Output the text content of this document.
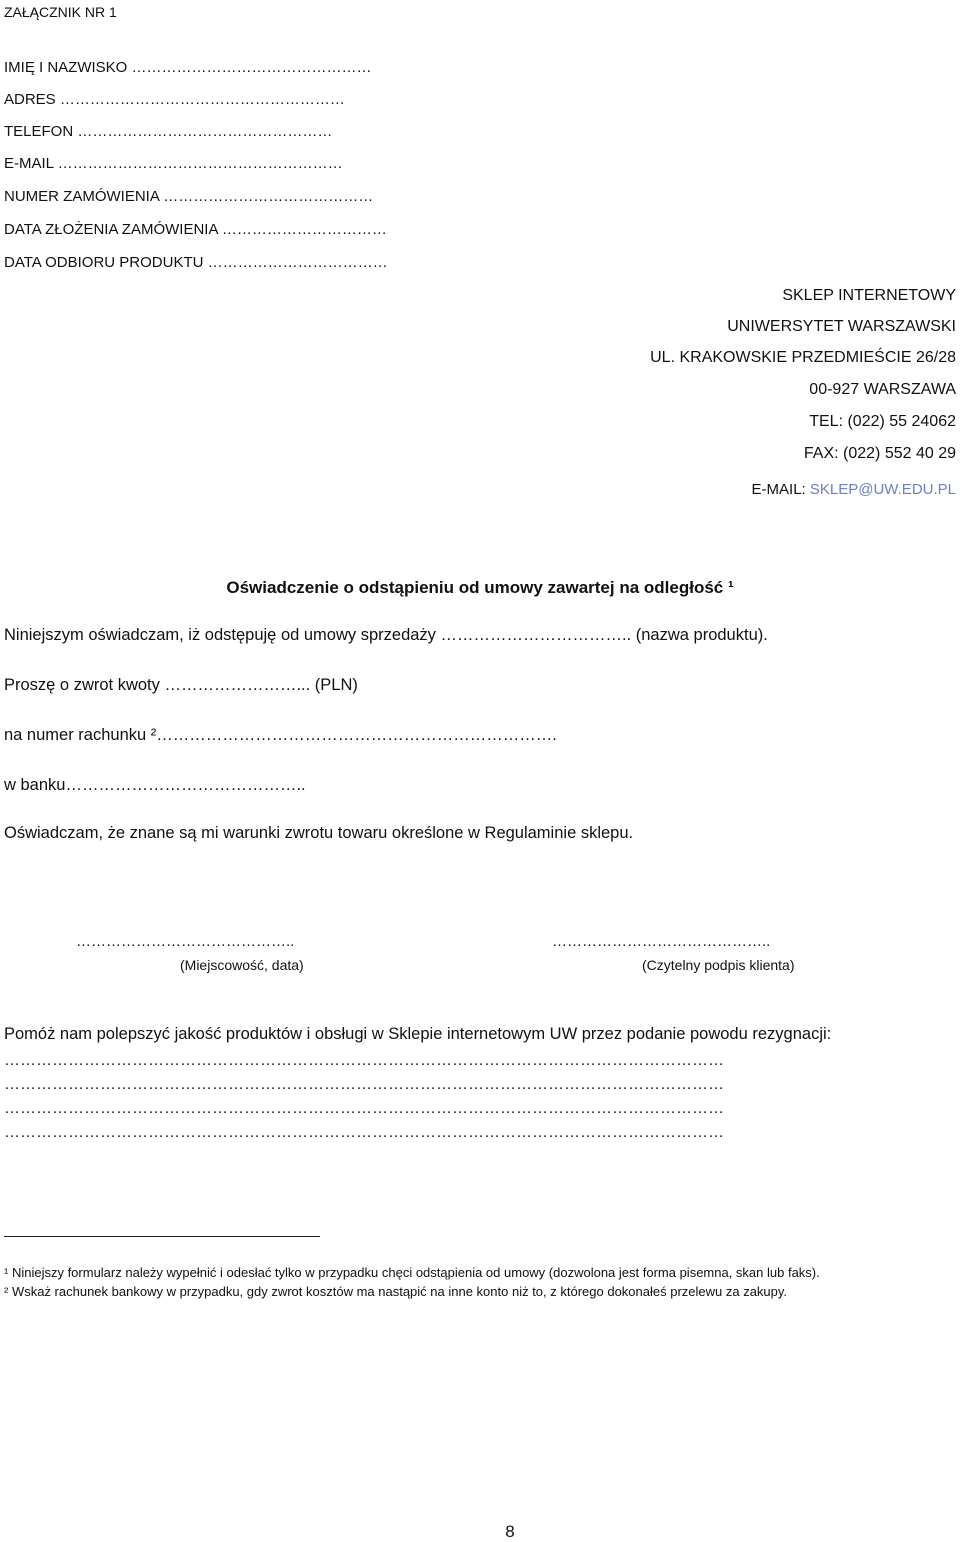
ZAŁĄCZNIK NR 1
IMIĘ I NAZWISKO …………………………………………
ADRES …………………………………………………
TELEFON ……………………………………………
E-MAIL …………………………………………………
NUMER ZAMÓWIENIA ……………………………………
DATA ZŁOŻENIA ZAMÓWIENIA ……………………………
DATA ODBIORU PRODUKTU ………………………………
SKLEP INTERNETOWY
UNIWERSYTET WARSZAWSKI
UL. KRAKOWSKIE PRZEDMIEŚCIE 26/28
00-927 WARSZAWA
TEL: (022) 55 24062
FAX: (022) 552 40 29
E-MAIL: SKLEP@UW.EDU.PL
Oświadczenie o odstąpieniu od umowy zawartej na odległość ¹
Niniejszym oświadczam, iż odstępuję od umowy sprzedaży …………………………….. (nazwa produktu).
Proszę o zwrot kwoty ……………………... (PLN)
na numer rachunku ²……………………………………………………………….
w banku……………………………………..
Oświadczam, że znane są mi warunki zwrotu towaru określone w Regulaminie sklepu.
……………………………………..
(Miejscowość, data)
……………………………………..
(Czytelny podpis klienta)
Pomóż nam polepszyć jakość produktów i obsługi w Sklepie internetowym UW przez podanie powodu rezygnacji:
………………………………………………………………………………………………………………………
………………………………………………………………………………………………………………………
………………………………………………………………………………………………………………………
………………………………………………………………………………………………………………………
¹ Niniejszy formularz należy wypełnić i odesłać tylko w przypadku chęci odstąpienia od umowy (dozwolona jest forma pisemna, skan lub faks).
² Wskaż rachunek bankowy w przypadku, gdy zwrot kosztów ma nastąpić na inne konto niż to, z którego dokonałeś przelewu za zakupy.
8
